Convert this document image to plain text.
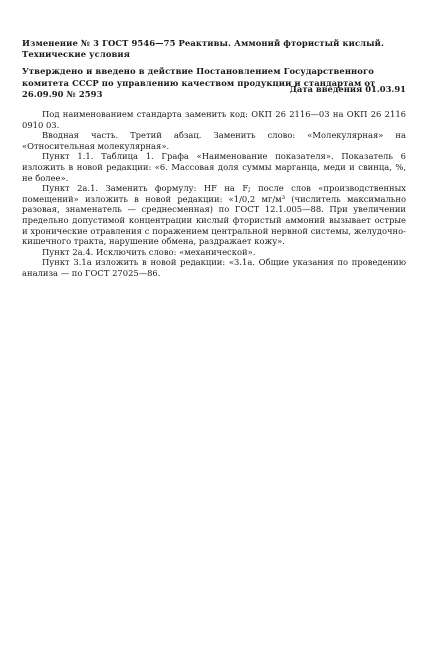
Изменение № 3 ГОСТ 9546—75 Реактивы. Аммоний фтористый кислый. Технические условия

Утверждено и введено в действие Постановлением Государственного комитета СССР по управлению качеством продукции и стандартам от 26.09.90 № 2593	Дата введения 01.03.91

Под наименованием стандарта заменить код: ОКП 26 2116—03 на ОКП 26 2116 0910 03.

Вводная часть. Третий абзац. Заменить слово: «Молекулярная» на «Относительная молекулярная».

Пункт 1.1. Таблица 1. Графа «Наименование показателя». Показатель 6 изложить в новой редакции: «6. Массовая доля суммы марганца, меди и свинца, %, не более».

Пункт 2а.1. Заменить формулу: HF на F; после слов «производственных помещений» изложить в новой редакции: «1/0,2 мг/м³ (числитель максимально разовая, знаменатель — среднесменная) по ГОСТ 12.1.005—88. При увеличении предельно допустимой концентрации кислый фтористый аммоний вызывает острые и хронические отравления с поражением центральной нервной системы, желудочно-кишечного тракта, нарушение обмена, раздражает кожу».

Пункт 2а.4. Исключить слово: «механической».

Пункт 3.1а изложить в новой редакции: «3.1а. Общие указания по проведению анализа — по ГОСТ 27025—86.
